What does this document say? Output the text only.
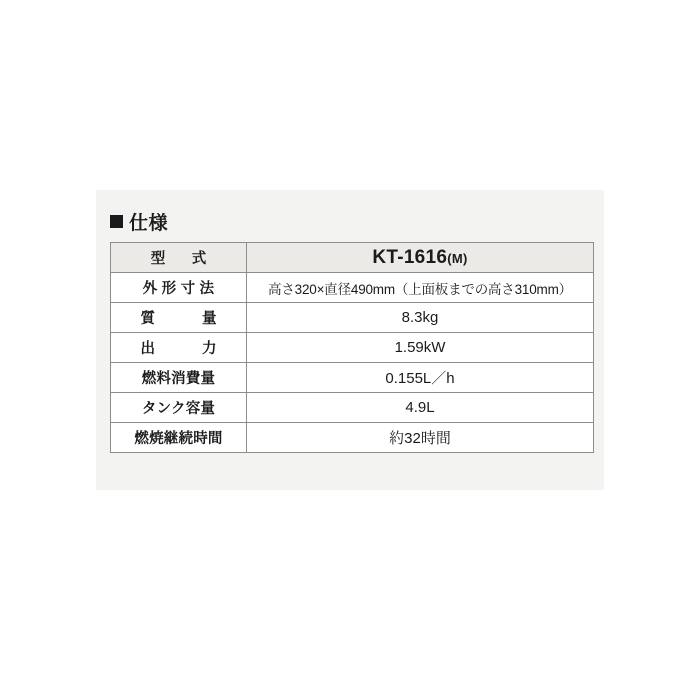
仕様
型　式	KT-1616(M)
外 形 寸 法	高さ320×直径490mm（上面板までの高さ310mm）
質　　量	8.3kg
出　　力	1.59kW
燃料消費量	0.155L／h
タンク容量	4.9L
燃焼継続時間	約32時間
